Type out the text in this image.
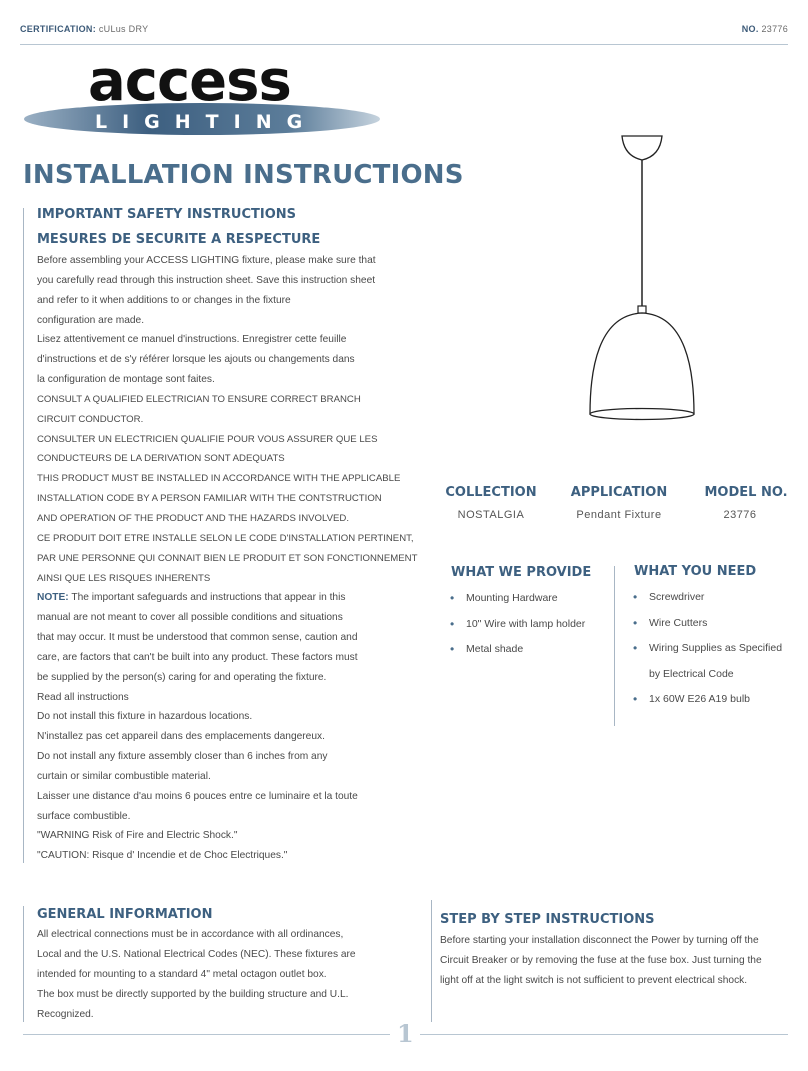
CERTIFICATION: cULus DRY	NO. 23776
access
LIGHTING
INSTALLATION INSTRUCTIONS
IMPORTANT SAFETY INSTRUCTIONS
MESURES DE SECURITE A RESPECTURE
Before assembling your ACCESS LIGHTING fixture, please make sure that
you carefully read through this instruction sheet. Save this instruction sheet
and refer to it when additions to or changes in the fixture
configuration are made.
Lisez attentivement ce manuel d'instructions. Enregistrer cette feuille
d'instructions et de s'y référer lorsque les ajouts ou changements dans
la configuration de montage sont faites.
CONSULT A QUALIFIED ELECTRICIAN TO ENSURE CORRECT BRANCH
CIRCUIT CONDUCTOR.
CONSULTER UN ELECTRICIEN QUALIFIE POUR VOUS ASSURER QUE LES
CONDUCTEURS DE LA DERIVATION SONT ADEQUATS
THIS PRODUCT MUST BE INSTALLED IN ACCORDANCE WITH THE APPLICABLE
INSTALLATION CODE BY A PERSON FAMILIAR WITH THE CONTSTRUCTION
AND OPERATION OF THE PRODUCT AND THE HAZARDS INVOLVED.
CE PRODUIT DOIT ETRE INSTALLE SELON LE CODE D'INSTALLATION PERTINENT,
PAR UNE PERSONNE QUI CONNAIT BIEN LE PRODUIT ET SON FONCTIONNEMENT
AINSI QUE LES RISQUES INHERENTS
NOTE: The important safeguards and instructions that appear in this
manual are not meant to cover all possible conditions and situations
that may occur. It must be understood that common sense, caution and
care, are factors that can't be built into any product. These factors must
be supplied by the person(s) caring for and operating the fixture.
Read all instructions
Do not install this fixture in hazardous locations.
N'installez pas cet appareil dans des emplacements dangereux.
Do not install any fixture assembly closer than 6 inches from any
curtain or similar combustible material.
Laisser une distance d'au moins 6 pouces entre ce luminaire et la toute
surface combustible.
"WARNING Risk of Fire and Electric Shock."
"CAUTION: Risque d' Incendie et de Choc Electriques."
COLLECTION
NOSTALGIA
APPLICATION
Pendant Fixture
MODEL NO.
23776
WHAT WE PROVIDE
• Mounting Hardware
• 10" Wire with lamp holder
• Metal shade
WHAT YOU NEED
• Screwdriver
• Wire Cutters
• Wiring Supplies as Specified
by Electrical Code
• 1x 60W E26 A19 bulb
GENERAL INFORMATION
All electrical connections must be in accordance with all ordinances,
Local and the U.S. National Electrical Codes (NEC). These fixtures are
intended for mounting to a standard 4" metal octagon outlet box.
The box must be directly supported by the building structure and U.L.
Recognized.
STEP BY STEP INSTRUCTIONS
Before starting your installation disconnect the Power by turning off the
Circuit Breaker or by removing the fuse at the fuse box. Just turning the
light off at the light switch is not sufficient to prevent electrical shock.
1
